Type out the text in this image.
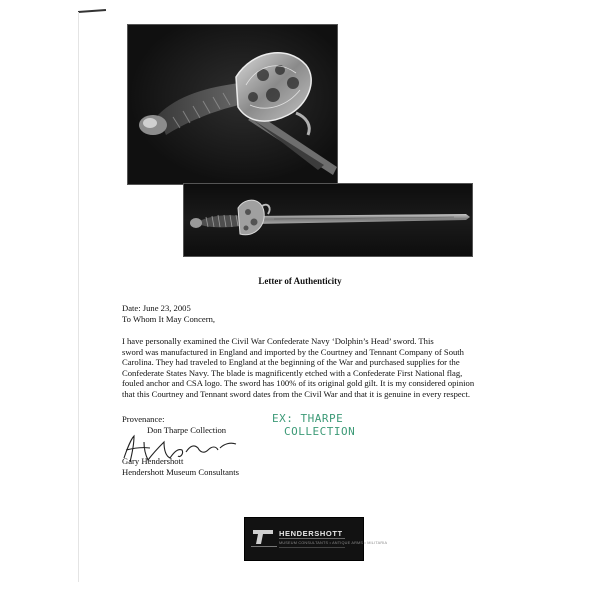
Letter of Authenticity
Date: June 23, 2005
To Whom It May Concern,
I have personally examined the Civil War Confederate Navy ‘Dolphin’s Head’ sword. This
sword was manufactured in England and imported by the Courtney and Tennant Company of South
Carolina. They had traveled to England at the beginning of the War and purchased supplies for the
Confederate States Navy. The blade is magnificently etched with a Confederate First National flag,
fouled anchor and CSA logo. The sword has 100% of its original gold gilt. It is my considered opinion
that this Courtney and Tennant sword dates from the Civil War and that it is genuine in every respect.
Provenance:
Don Tharpe Collection
EX: THARPE
COLLECTION
Gary Hendershott
Hendershott Museum Consultants
HENDERSHOTT
MUSEUM CONSULTANTS • ANTIQUE ARMS • MILITARIA
